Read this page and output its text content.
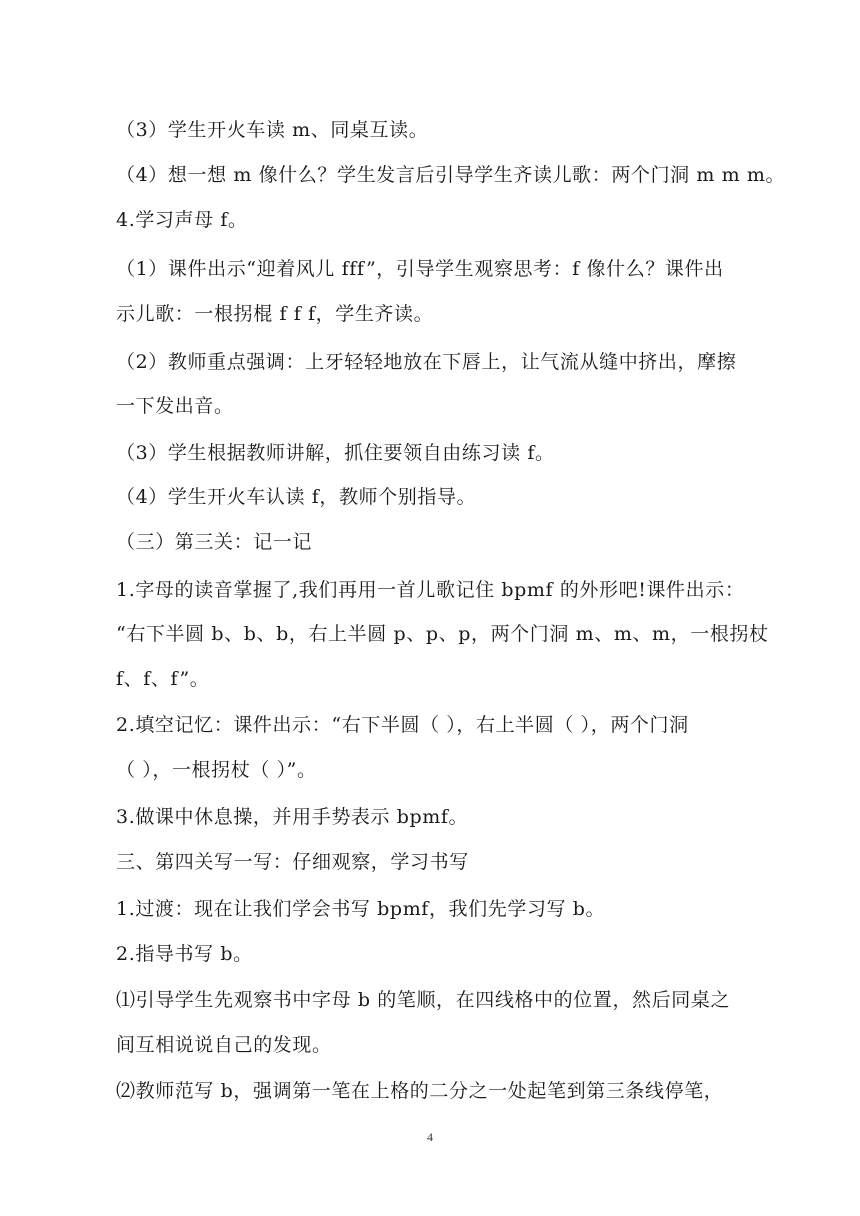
（3）学生开火车读 m、同桌互读。
（4）想一想 m 像什么？学生发言后引导学生齐读儿歌：两个门洞 m m m。
4.学习声母 f。
（1）课件出示“迎着风儿 fff”，引导学生观察思考：f 像什么？课件出
示儿歌：一根拐棍 f f f，学生齐读。
（2）教师重点强调：上牙轻轻地放在下唇上，让气流从缝中挤出，摩擦
一下发出音。
（3）学生根据教师讲解，抓住要领自由练习读 f。
（4）学生开火车认读 f，教师个别指导。
（三）第三关：记一记
1.字母的读音掌握了,我们再用一首儿歌记住 bpmf 的外形吧!课件出示：
“右下半圆 b、b、b，右上半圆 p、p、p，两个门洞 m、m、m，一根拐杖
f、f、f”。
2.填空记忆：课件出示：“右下半圆（ ），右上半圆（ ），两个门洞
（ ），一根拐杖（ ）”。
3.做课中休息操，并用手势表示 bpmf。
三、第四关写一写：仔细观察，学习书写
1.过渡：现在让我们学会书写 bpmf，我们先学习写 b。
2.指导书写 b。
⑴引导学生先观察书中字母 b 的笔顺，在四线格中的位置，然后同桌之
间互相说说自己的发现。
⑵教师范写 b，强调第一笔在上格的二分之一处起笔到第三条线停笔，
4
